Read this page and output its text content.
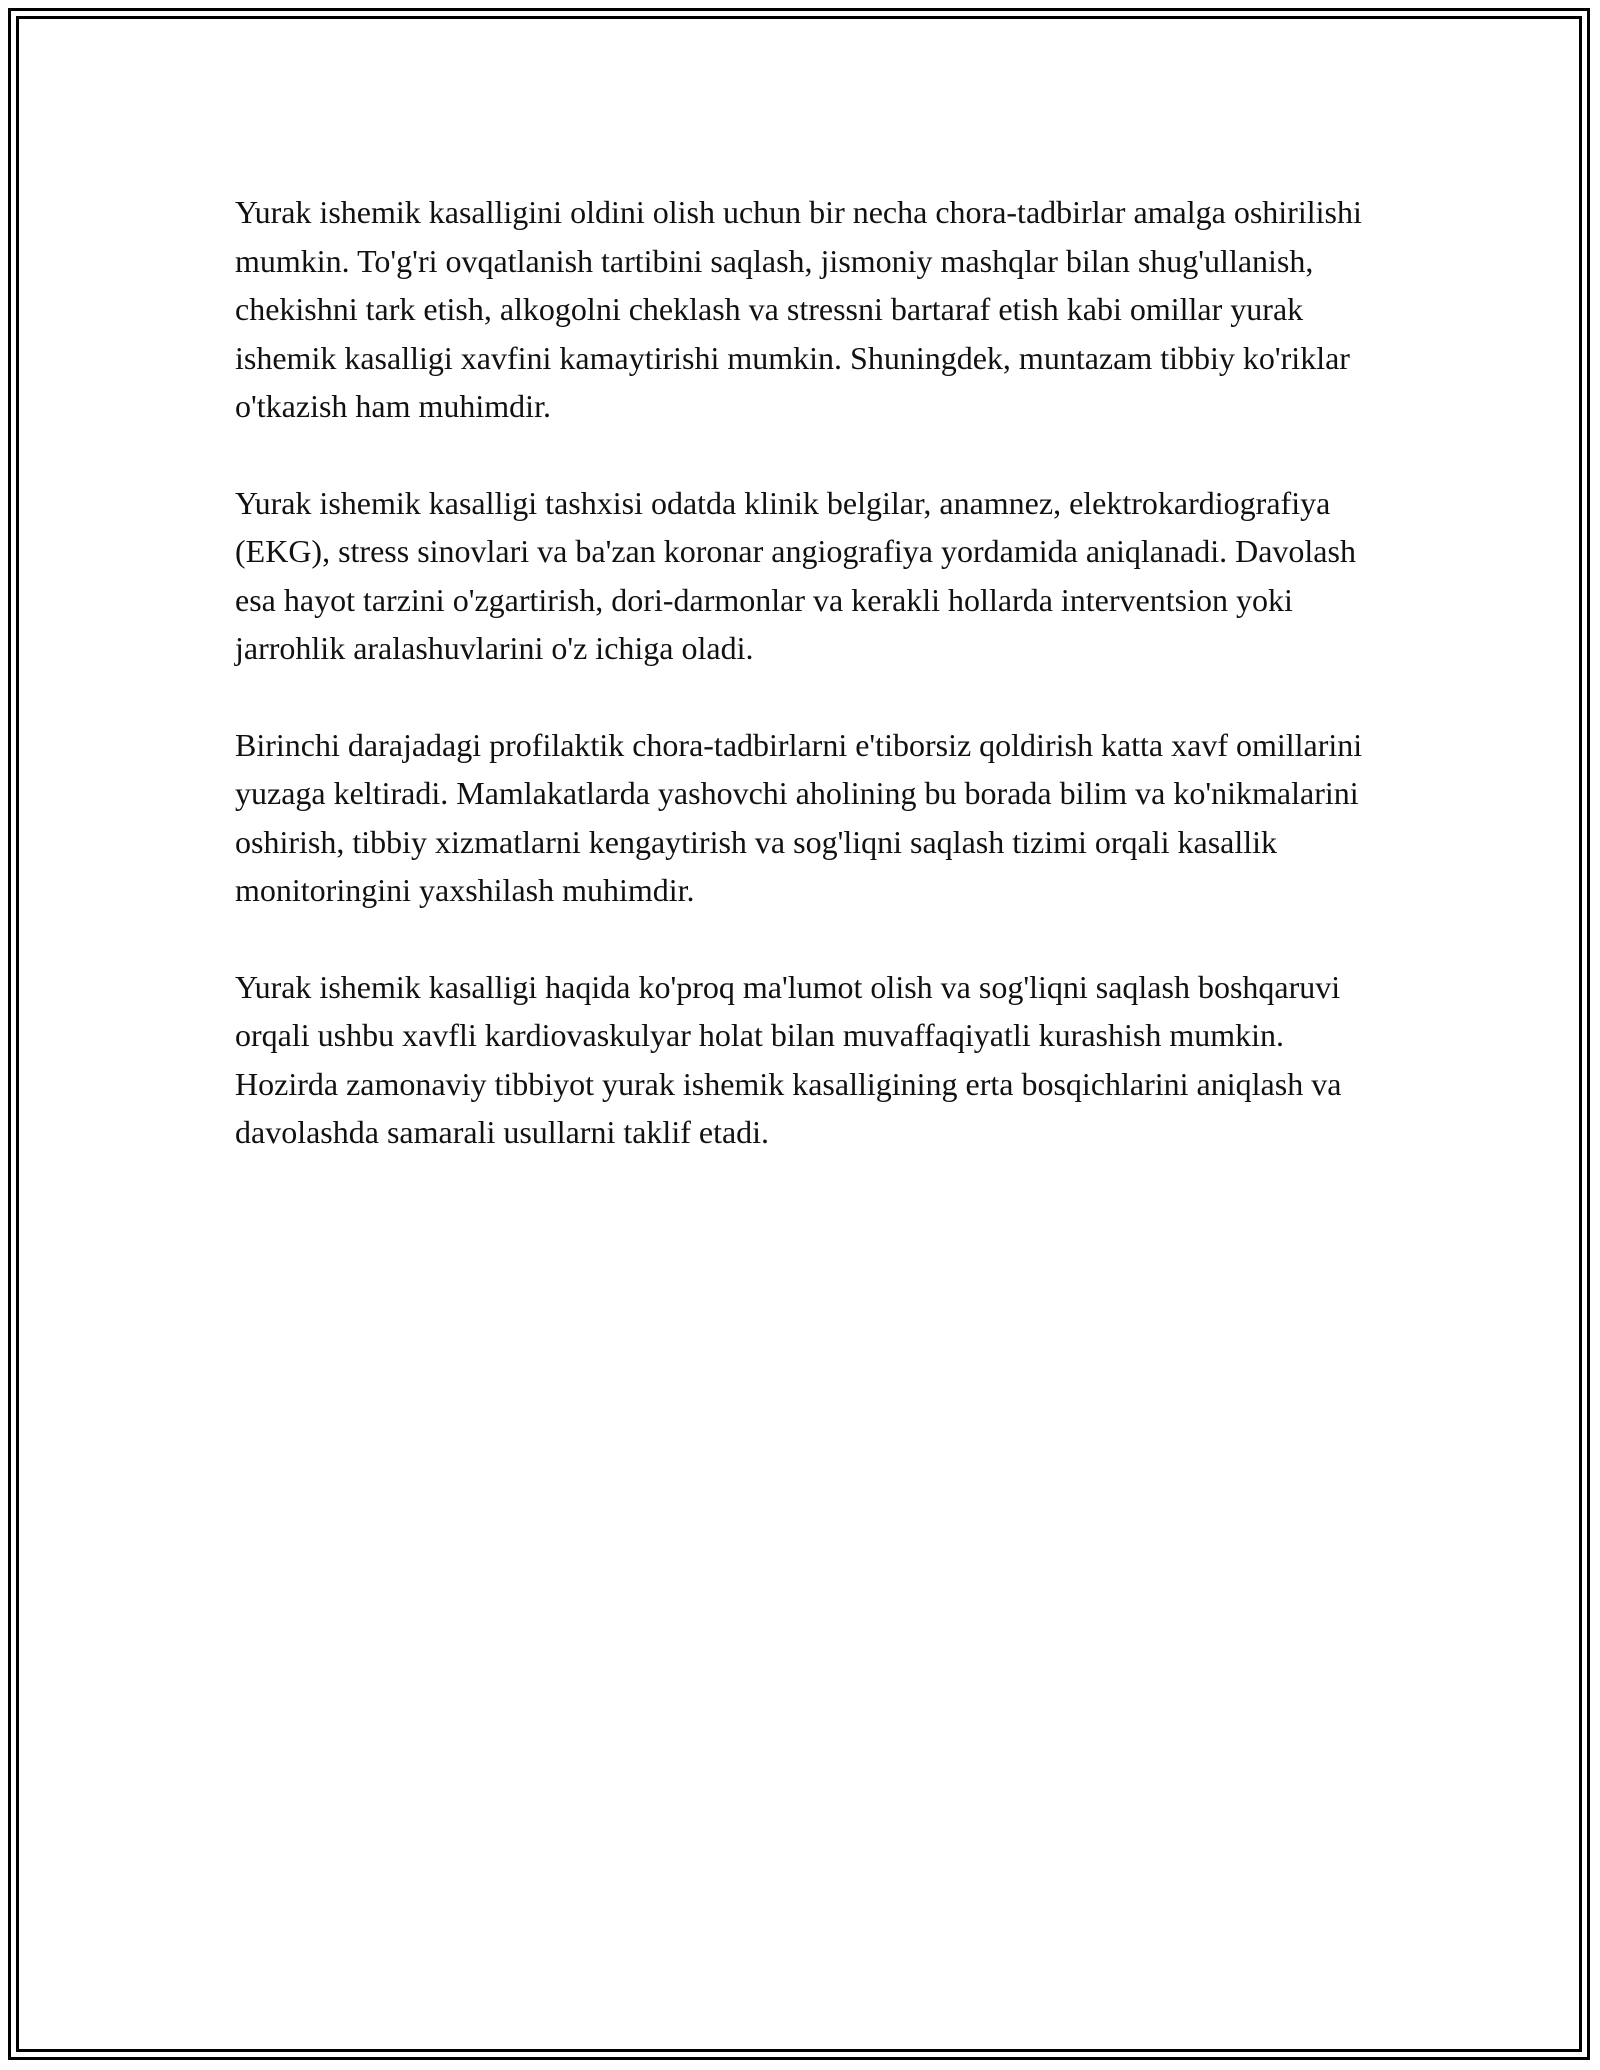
Yurak ishemik kasalligini oldini olish uchun bir necha chora-tadbirlar amalga oshirilishi mumkin. To'g'ri ovqatlanish tartibini saqlash, jismoniy mashqlar bilan shug'ullanish, chekishni tark etish, alkogolni cheklash va stressni bartaraf etish kabi omillar yurak ishemik kasalligi xavfini kamaytirishi mumkin. Shuningdek, muntazam tibbiy ko'riklar o'tkazish ham muhimdir.

Yurak ishemik kasalligi tashxisi odatda klinik belgilar, anamnez, elektrokardiografiya (EKG), stress sinovlari va ba'zan koronar angiografiya yordamida aniqlanadi. Davolash esa hayot tarzini o'zgartirish, dori-darmonlar va kerakli hollarda interventsion yoki jarrohlik aralashuvlarini o'z ichiga oladi.

Birinchi darajadagi profilaktik chora-tadbirlarni e'tiborsiz qoldirish katta xavf omillarini yuzaga keltiradi. Mamlakatlarda yashovchi aholining bu borada bilim va ko'nikmalarini oshirish, tibbiy xizmatlarni kengaytirish va sog'liqni saqlash tizimi orqali kasallik monitoringini yaxshilash muhimdir.

Yurak ishemik kasalligi haqida ko'proq ma'lumot olish va sog'liqni saqlash boshqaruvi orqali ushbu xavfli kardiovaskulyar holat bilan muvaffaqiyatli kurashish mumkin. Hozirda zamonaviy tibbiyot yurak ishemik kasalligining erta bosqichlarini aniqlash va davolashda samarali usullarni taklif etadi.
